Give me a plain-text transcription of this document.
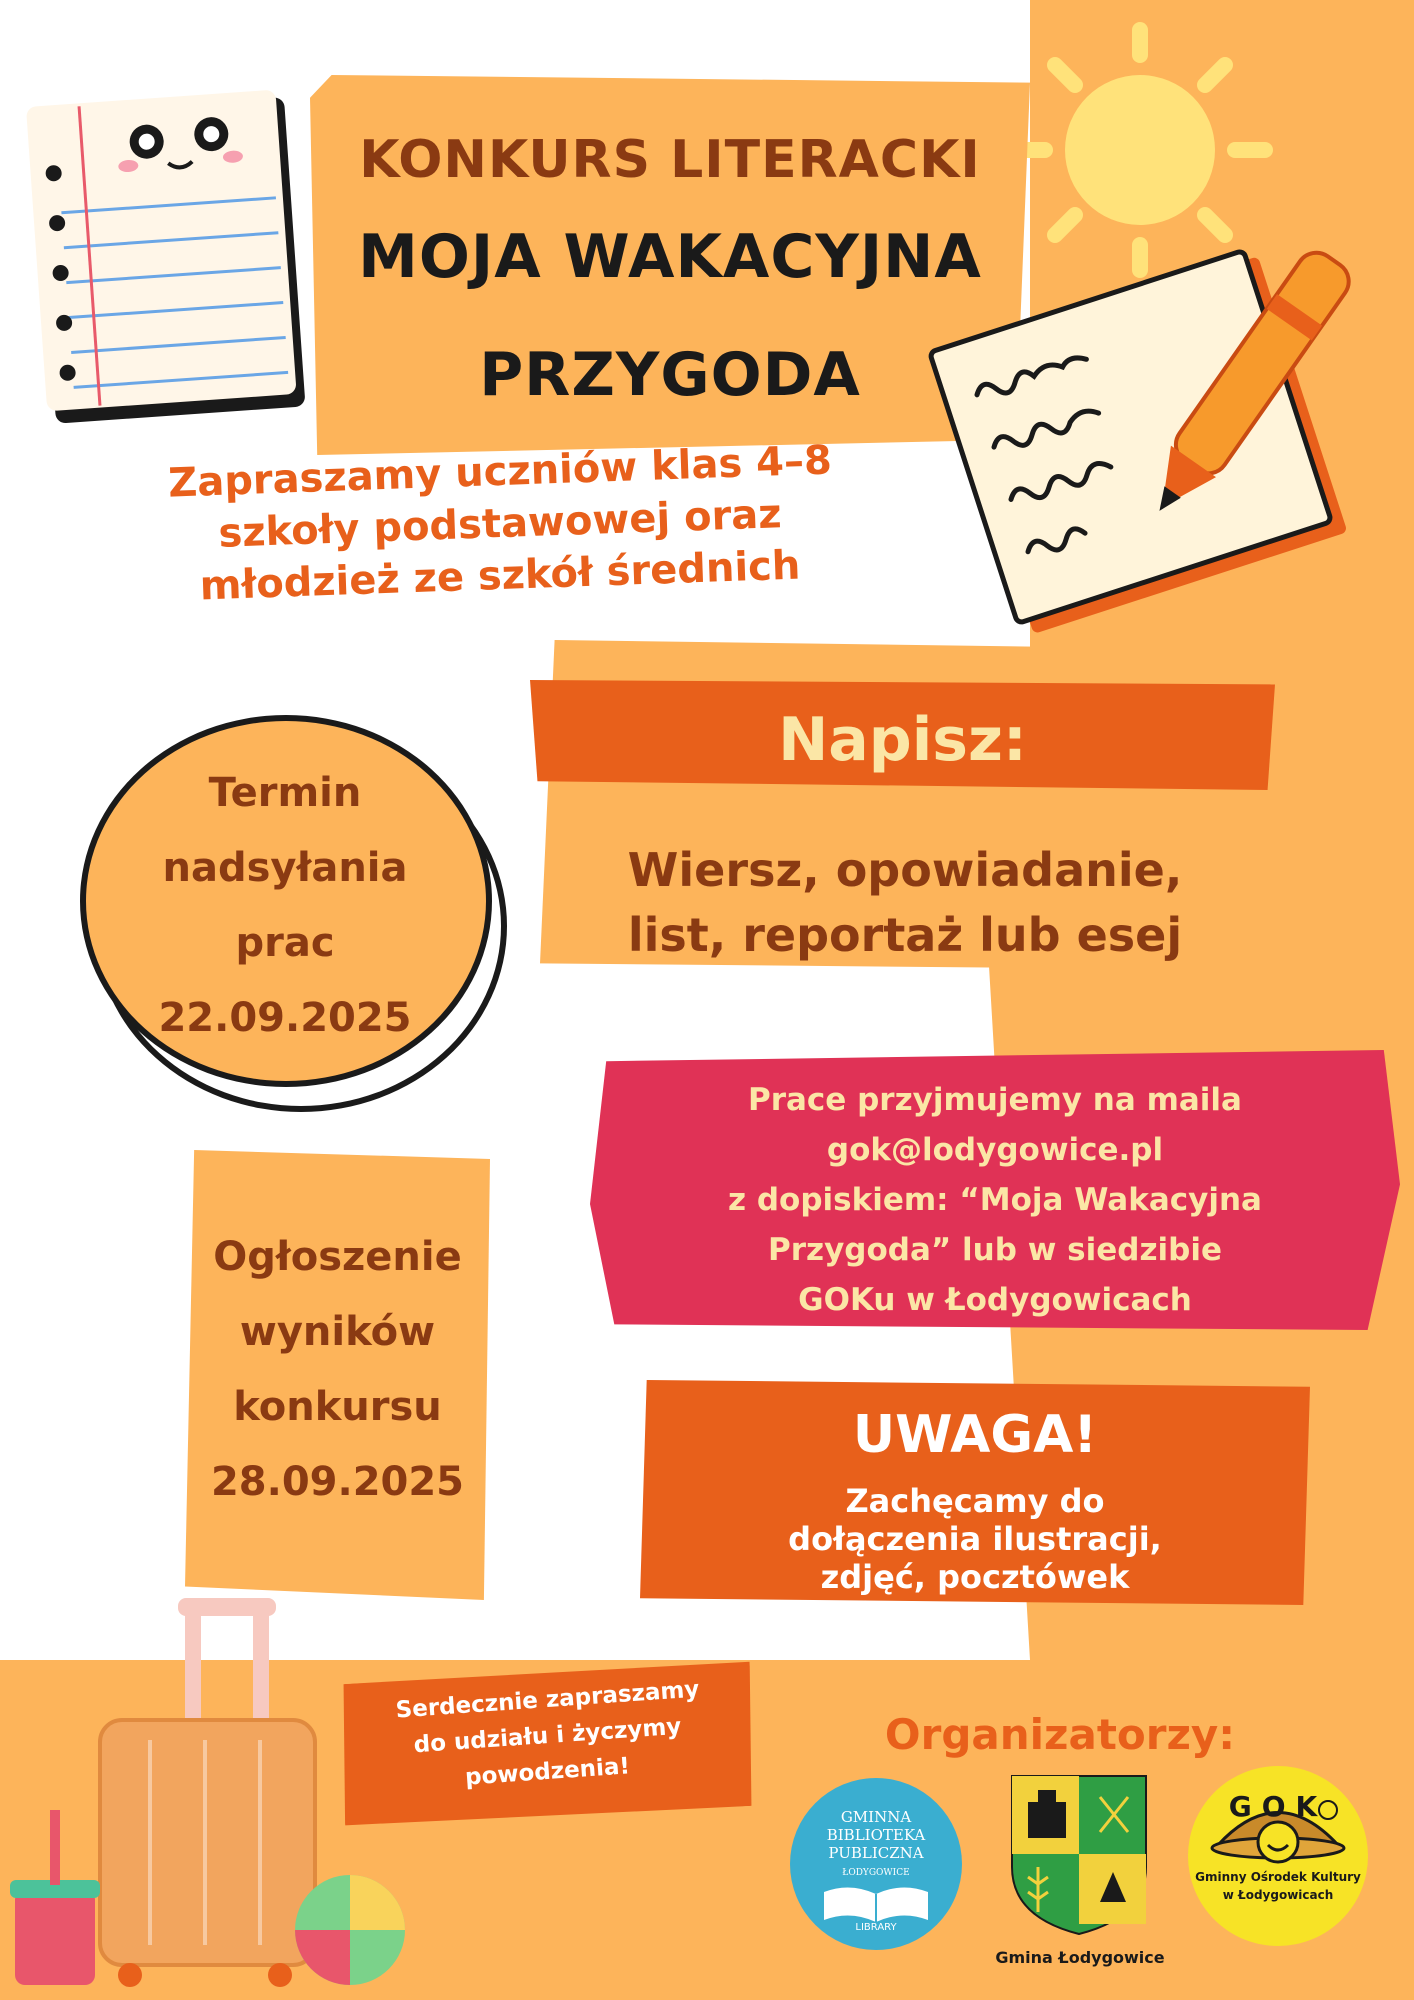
KONKURS LITERACKI
MOJA WAKACYJNA
PRZYGODA
Zapraszamy uczniów klas 4–8
szkoły podstawowej oraz
młodzież ze szkół średnich
Napisz:
Wiersz, opowiadanie,
list, reportaż lub esej
Termin
nadsyłania
prac
22.09.2025
Prace przyjmujemy na maila
gok@lodygowice.pl
z dopiskiem: “Moja Wakacyjna
Przygoda” lub w siedzibie
GOKu w Łodygowicach
Ogłoszenie
wyników
konkursu
28.09.2025
UWAGA!
Zachęcamy do
dołączenia ilustracji,
zdjęć, pocztówek
Serdecznie zapraszamy
do udziału i życzymy
powodzenia!
Organizatorzy:
GMINNA
BIBLIOTEKA
PUBLICZNA
ŁODYGOWICE
LIBRARY
Gmina Łodygowice
GOK
Gminny Ośrodek Kultury
w Łodygowicach
